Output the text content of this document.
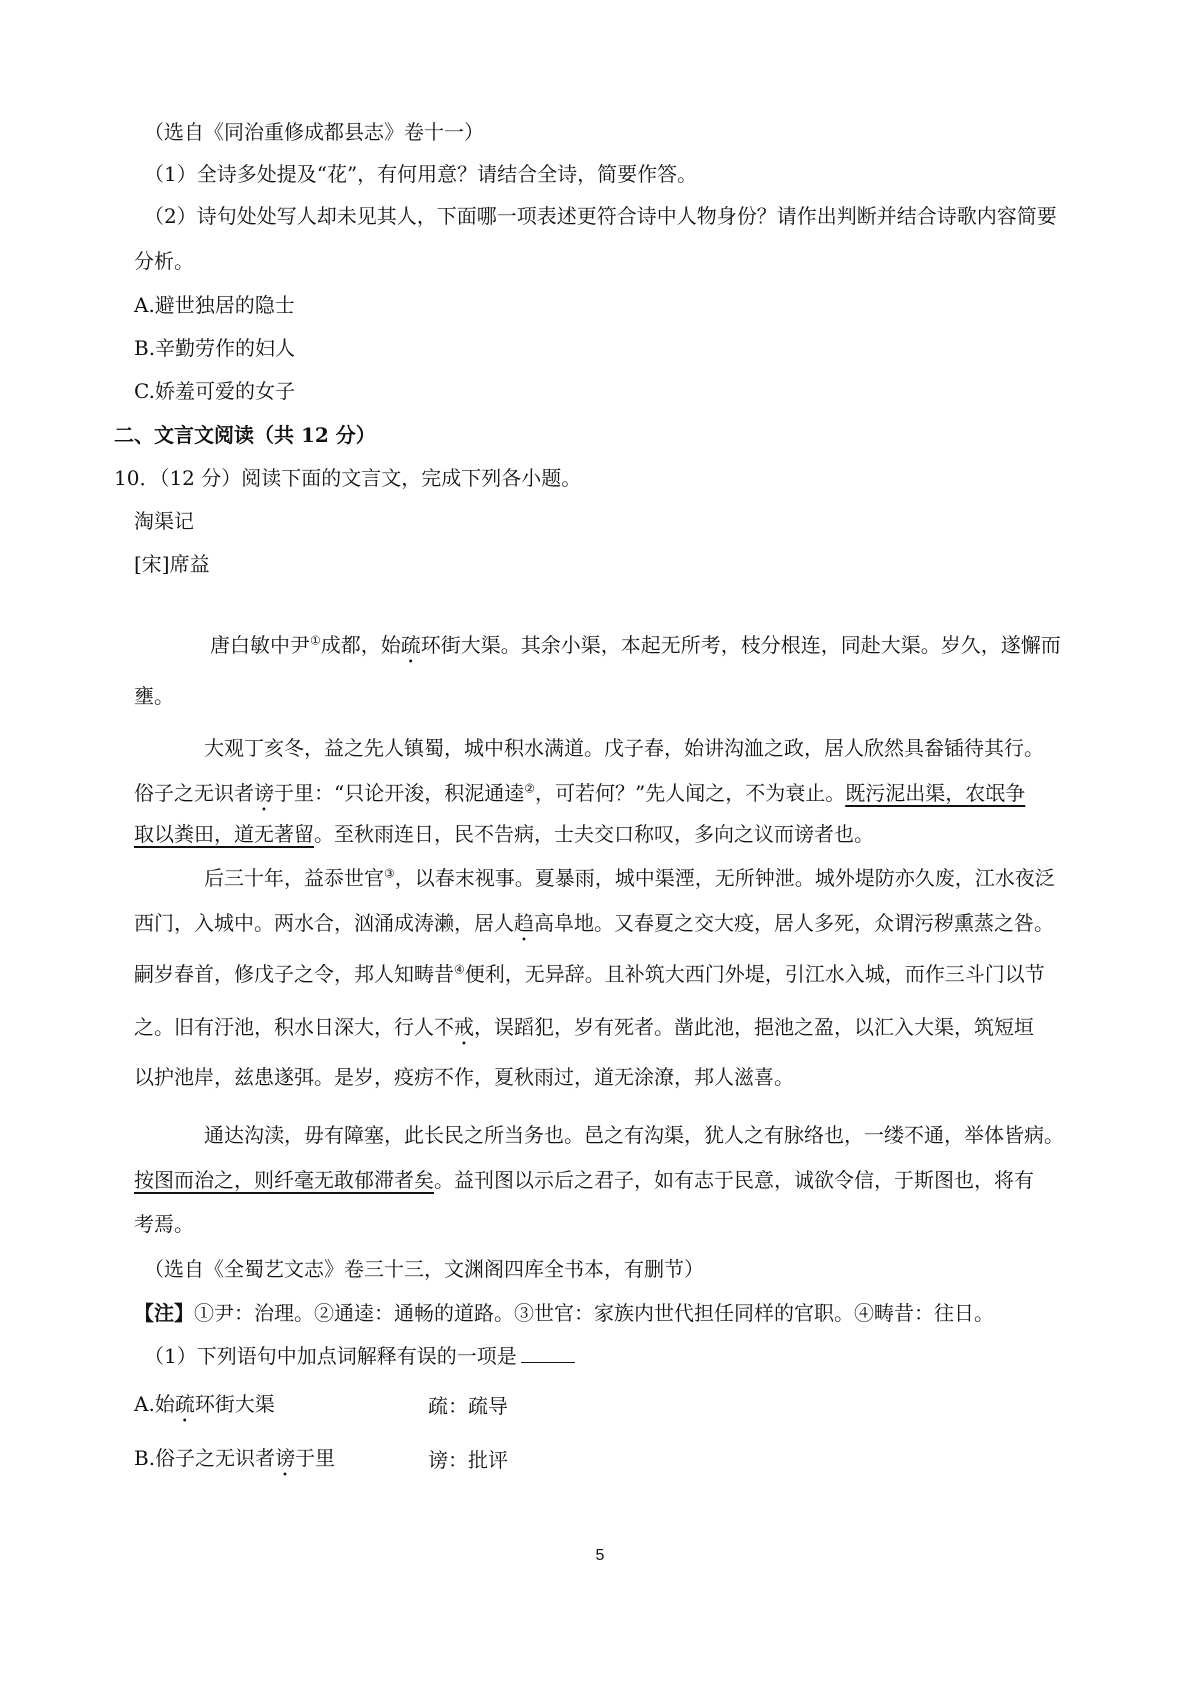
（选自《同治重修成都县志》卷十一）
（1）全诗多处提及“花”，有何用意？请结合全诗，简要作答。
（2）诗句处处写人却未见其人，下面哪一项表述更符合诗中人物身份？请作出判断并结合诗歌内容简要
分析。
A.避世独居的隐士
B.辛勤劳作的妇人
C.娇羞可爱的女子
二、文言文阅读（共 12 分）
10．（12 分）阅读下面的文言文，完成下列各小题。
淘渠记
[宋]席益
唐白敏中尹①成都，始疏环街大渠。其余小渠，本起无所考，枝分根连，同赴大渠。岁久，遂懈而
壅。
大观丁亥冬，益之先人镇蜀，城中积水满道。戊子春，始讲沟洫之政，居人欣然具畚锸待其行。
俗子之无识者谤于里：“只论开浚，积泥通逵②，可若何？”先人闻之，不为衰止。既污泥出渠，农氓争
取以粪田，道无著留。至秋雨连日，民不告病，士夫交口称叹，多向之议而谤者也。
后三十年，益忝世官③，以春末视事。夏暴雨，城中渠湮，无所钟泄。城外堤防亦久废，江水夜泛
西门，入城中。两水合，汹涌成涛濑，居人趋高阜地。又春夏之交大疫，居人多死，众谓污秽熏蒸之咎。
嗣岁春首，修戊子之令，邦人知畴昔④便利，无异辞。且补筑大西门外堤，引江水入城，而作三斗门以节
之。旧有汙池，积水日深大，行人不戒，误蹈犯，岁有死者。凿此池，挹池之盈，以汇入大渠，筑短垣
以护池岸，兹患遂弭。是岁，疫疠不作，夏秋雨过，道无涂潦，邦人滋喜。
通达沟渎，毋有障塞，此长民之所当务也。邑之有沟渠，犹人之有脉络也，一缕不通，举体皆病。
按图而治之，则纤毫无敢郁滞者矣。益刊图以示后之君子，如有志于民意，诚欲令信，于斯图也，将有
考焉。
（选自《全蜀艺文志》卷三十三，文渊阁四库全书本，有删节）
【注】①尹：治理。②通逵：通畅的道路。③世官：家族内世代担任同样的官职。④畴昔：往日。
（1）下列语句中加点词解释有误的一项是
A.始疏环街大渠	疏：疏导
B.俗子之无识者谤于里	谤：批评
5
